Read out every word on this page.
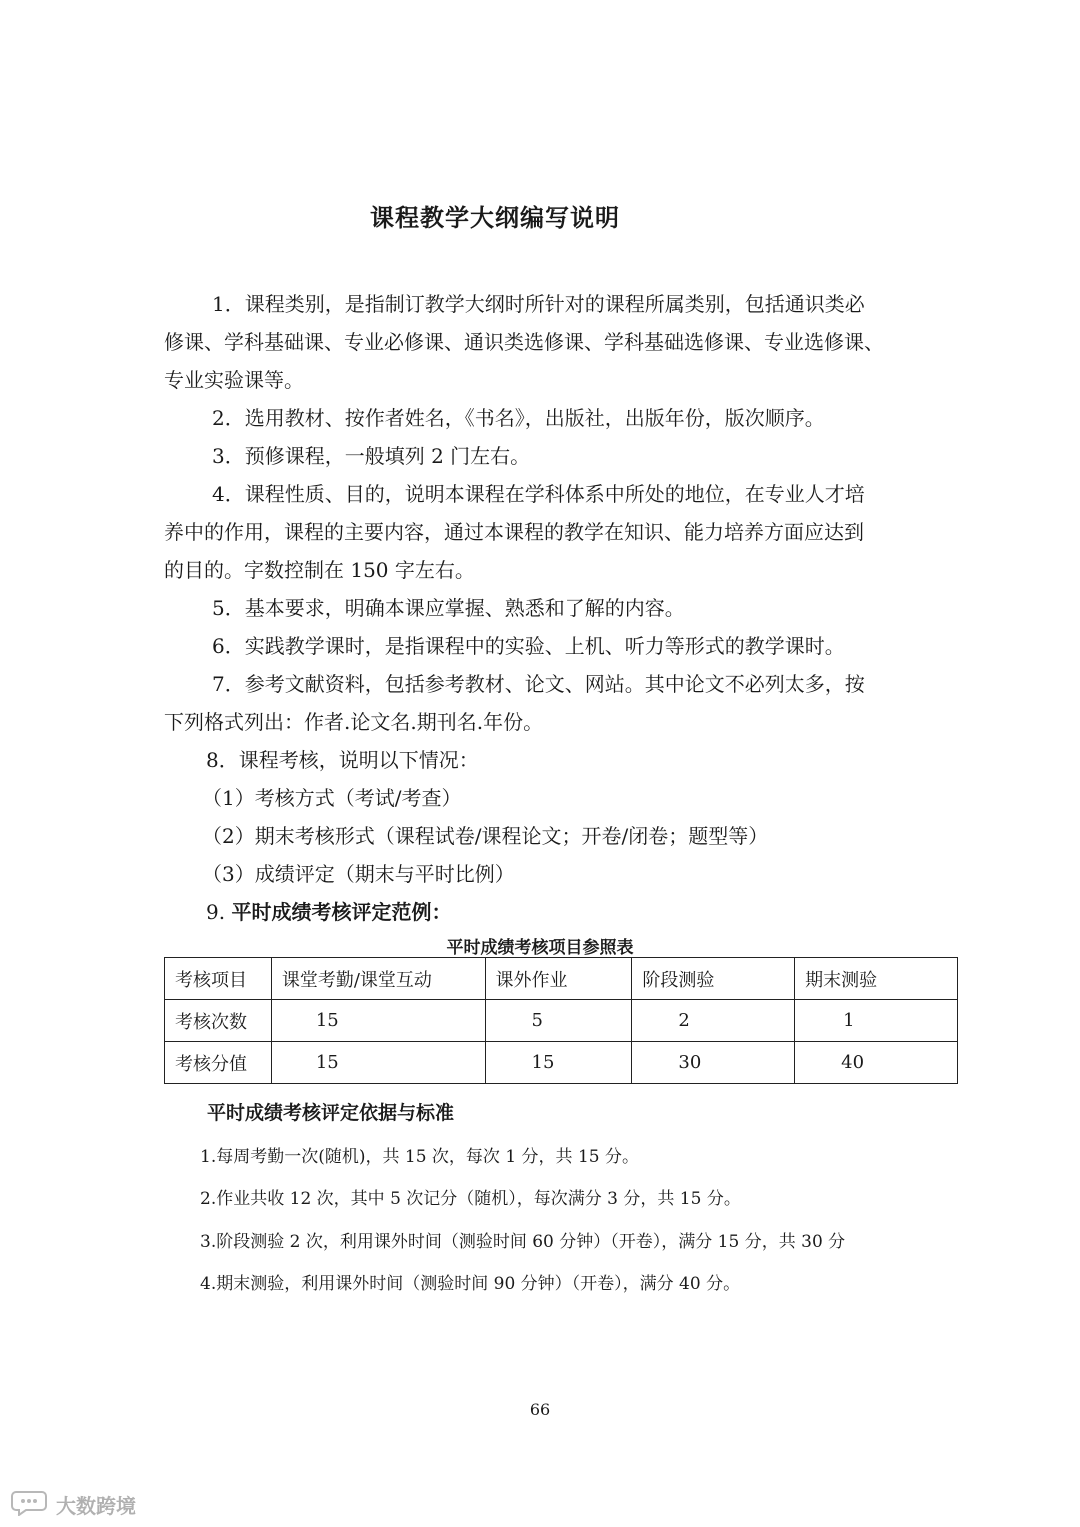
课程教学大纲编写说明
1．课程类别，是指制订教学大纲时所针对的课程所属类别，包括通识类必
修课、学科基础课、专业必修课、通识类选修课、学科基础选修课、专业选修课、
专业实验课等。
2．选用教材、按作者姓名，《书名》，出版社，出版年份，版次顺序。
3．预修课程，一般填列 2 门左右。
4．课程性质、目的，说明本课程在学科体系中所处的地位，在专业人才培
养中的作用，课程的主要内容，通过本课程的教学在知识、能力培养方面应达到
的目的。字数控制在 150 字左右。
5．基本要求，明确本课应掌握、熟悉和了解的内容。
6．实践教学课时，是指课程中的实验、上机、听力等形式的教学课时。
7．参考文献资料，包括参考教材、论文、网站。其中论文不必列太多，按
下列格式列出：作者.论文名.期刊名.年份。
8．课程考核，说明以下情况：
（1）考核方式（考试/考查）
（2）期末考核形式（课程试卷/课程论文；开卷/闭卷；题型等）
（3）成绩评定（期末与平时比例）
9. 平时成绩考核评定范例：
平时成绩考核项目参照表
考核项目	课堂考勤/课堂互动	课外作业	阶段测验	期末测验
考核次数	15	5	2	1
考核分值	15	15	30	40
平时成绩考核评定依据与标准
1.每周考勤一次(随机)，共 15 次，每次 1 分，共 15 分。
2.作业共收 12 次，其中 5 次记分（随机），每次满分 3 分，共 15 分。
3.阶段测验 2 次，利用课外时间（测验时间 60 分钟）（开卷），满分 15 分，共 30 分
4.期末测验，利用课外时间（测验时间 90 分钟）（开卷），满分 40 分。
66
大数跨境
